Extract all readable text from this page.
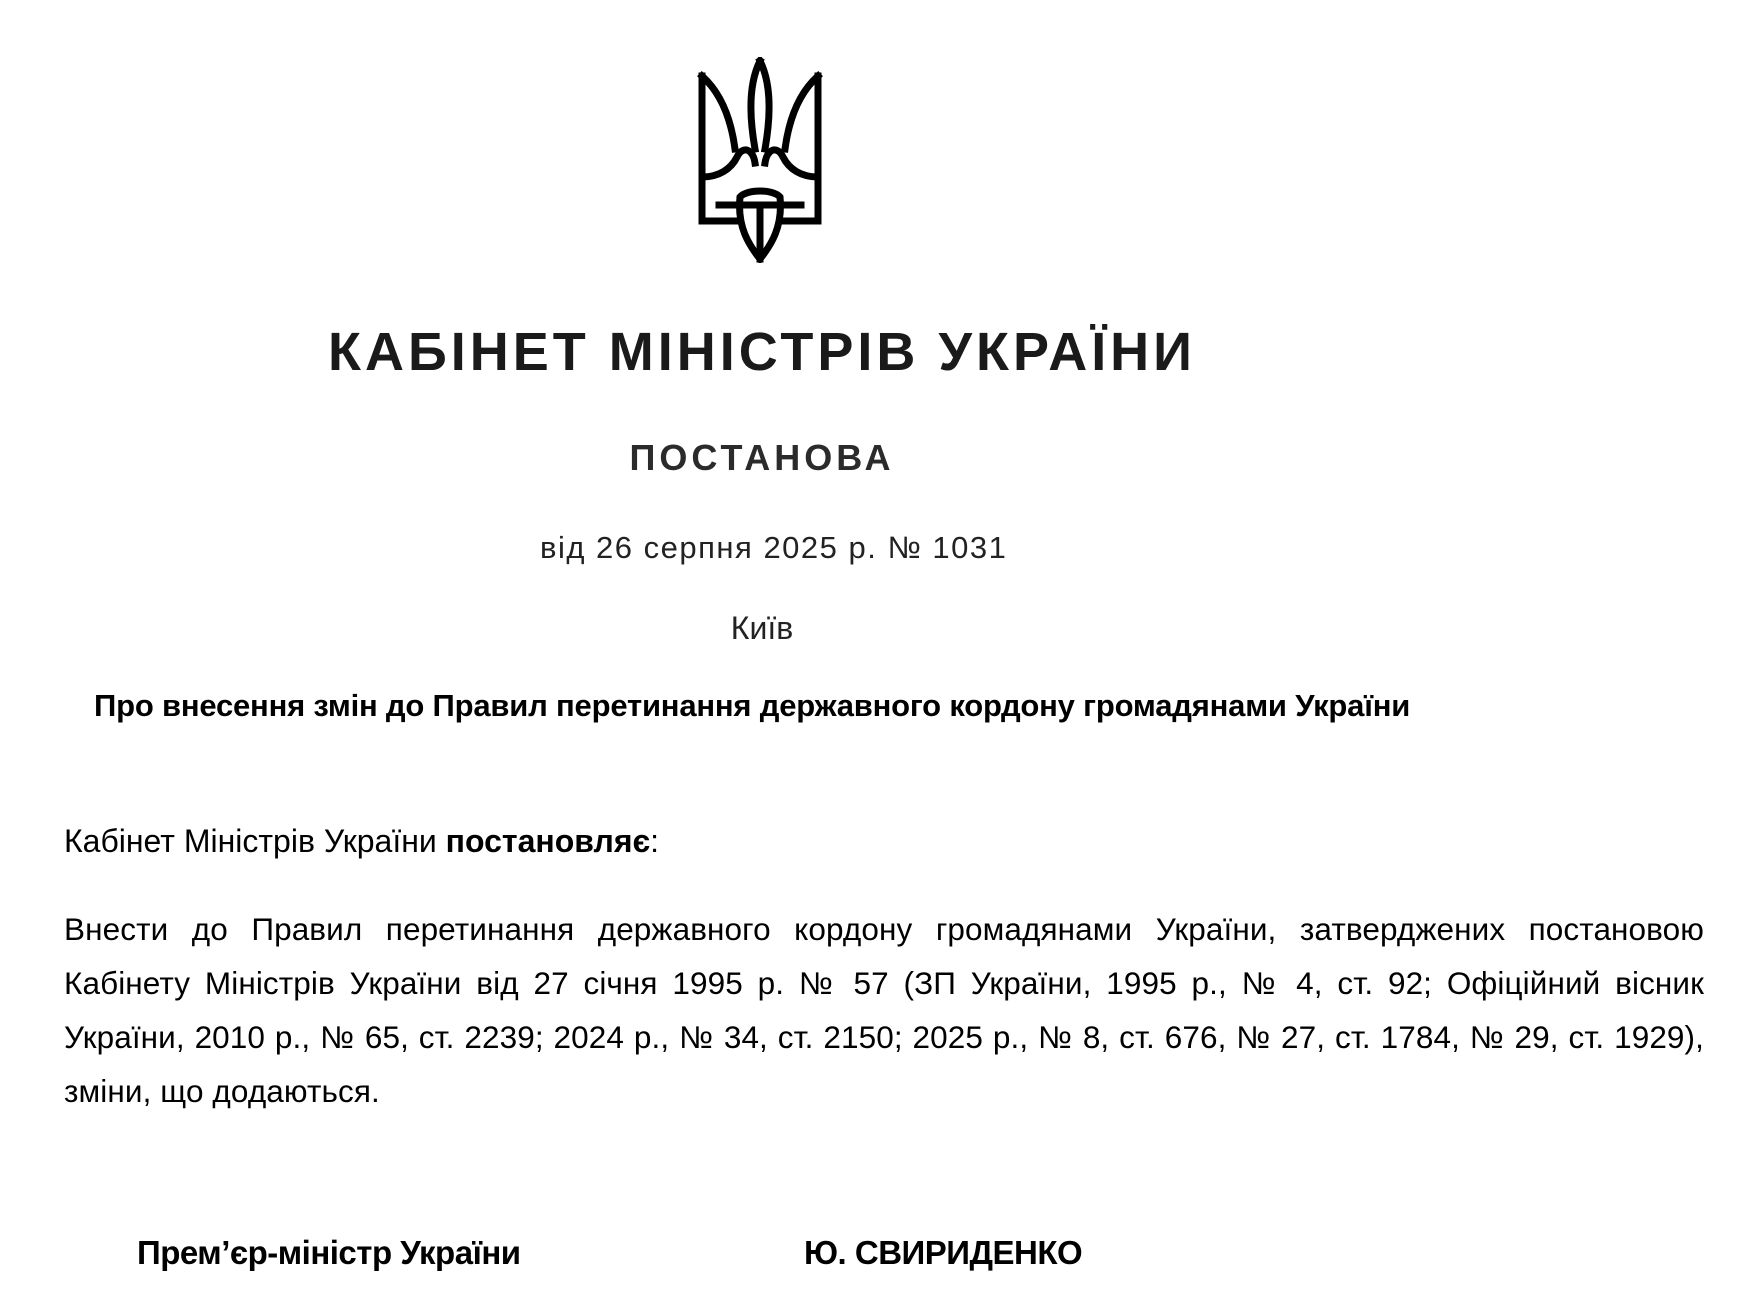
КАБІНЕТ МІНІСТРІВ УКРАЇНИ
ПОСТАНОВА
від 26 серпня 2025 р. № 1031
Київ
Про внесення змін до Правил перетинання державного кордону громадянами України
Кабінет Міністрів України постановляє:
Внести до Правил перетинання державного кордону громадянами України, затверджених постановою Кабінету Міністрів України від 27 січня 1995 р. № 57 (ЗП України, 1995 р., № 4, ст. 92; Офіційний вісник України, 2010 р., № 65, ст. 2239; 2024 р., № 34, ст. 2150; 2025 р., № 8, ст. 676, № 27, ст. 1784, № 29, ст. 1929), зміни, що додаються.
Прем’єр-міністр України	Ю. СВИРИДЕНКО
